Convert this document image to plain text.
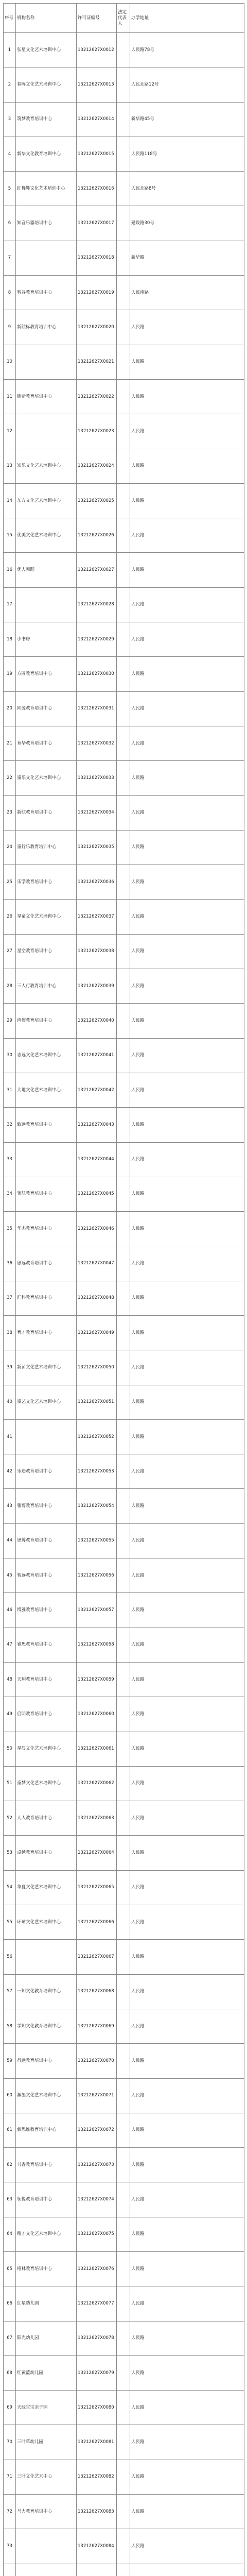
序号	机构名称	许可证编号	法定代表人	办学地址
1	弘星文化艺术培训中心	13212627X0012		人民路78号
2	春晖文化艺术培训中心	13212627X0013		人民北路12号
3	筑梦教育培训中心	13212627X0014		新华路45号
4	新华文化教育培训中心	13212627X0015		人民路118号
5	红舞鞋文化艺术培训中心	13212627X0016		人民北路8号
6	知音乐器培训中心	13212627X0017		建设路30号
7		13212627X0018		新华路
8	智谷教育培训中心	13212627X0019		人民南路
9	新航标教育培训中心	13212627X0020		人民路
10		13212627X0021		人民路
11	锦途教育培训中心	13212627X0022		人民路
12		13212627X0023		人民路
13	知乐文化艺术培训中心	13212627X0024		人民路
14	东方文化艺术培训中心	13212627X0025		人民路
15	优美文化艺术培训中心	13212627X0026		人民路
16	优人舞蹈	13212627X0027		人民路
17		13212627X0028		人民路
18	小书房	13212627X0029		人民路
19	方圆教育培训中心	13212627X0030		人民路
20	同源教育培训中心	13212627X0031		人民路
21	育华教育培训中心	13212627X0032		人民路
22	童乐文化艺术培训中心	13212627X0033		人民路
23	新航教育培训中心	13212627X0034		人民路
24	童行乐教育培训中心	13212627X0035		人民路
25	乐学教育培训中心	13212627X0036		人民路
26	星童文化艺术培训中心	13212627X0037		人民路
27	星空教育培训中心	13212627X0038		人民路
28	三人行教育培训中心	13212627X0039		人民路
29	鸿儒教育培训中心	13212627X0040		人民路
30	志远文化艺术培训中心	13212627X0041		人民路
31	大地文化艺术培训中心	13212627X0042		人民路
32	致远教育培训中心	13212627X0043		人民路
33		13212627X0044		人民路
34	领航教育培训中心	13212627X0045		人民路
35	华杰教育培训中心	13212627X0046		人民路
36	思远教育培训中心	13212627X0047		人民路
37	汇科教育培训中心	13212627X0048		人民路
38	育才教育培训中心	13212627X0049		人民路
39	新苗文化艺术培训中心	13212627X0050		人民路
40	童艺文化艺术培训中心	13212627X0051		人民路
41		13212627X0052		人民路
42	乐途教育培训中心	13212627X0053		人民路
43	雅博教育培训中心	13212627X0054		人民路
44	思博教育培训中心	13212627X0055		人民路
45	智远教育培训中心	13212627X0056		人民路
46	博雅教育培训中心	13212627X0057		人民路
47	睿思教育培训中心	13212627X0058		人民路
48	天翔教育培训中心	13212627X0059		人民路
49	启明教育培训中心	13212627X0060		人民路
50	星辰文化艺术培训中心	13212627X0061		人民路
51	童梦文化艺术培训中心	13212627X0062		人民路
52	人人教育培训中心	13212627X0063		人民路
53	卓越教育培训中心	13212627X0064		人民路
54	华夏文化艺术培训中心	13212627X0065		人民路
55	环球文化艺术培训中心	13212627X0066		人民路
56		13212627X0067		人民路
57	一知文化教育培训中心	13212627X0068		人民路
58	学知文化教育培训中心	13212627X0069		人民路
59	行远教育培训中心	13212627X0070		人民路
60	瀚墨文化艺术培训中心	13212627X0071		人民路
61	新思维教育培训中心	13212627X0072		人民路
62	书香教育培训中心	13212627X0073		人民路
63	领悦教育培训中心	13212627X0074		人民路
64	精才文化艺术培训中心	13212627X0075		人民路
65	格林教育培训中心	13212627X0076		人民路
66	红星幼儿园	13212627X0077		人民路
67	阳光幼儿园	13212627X0078		人民路
68	红黄蓝幼儿园	13212627X0079		人民路
69	天线宝宝亲子园	13212627X0080		人民路
70	三叶草幼儿园	13212627X0081		人民路
71	三叶文化艺术中心	13212627X0082		人民路
72	马力教育培训中心	13212627X0083		人民路
73		13212627X0084		人民路
